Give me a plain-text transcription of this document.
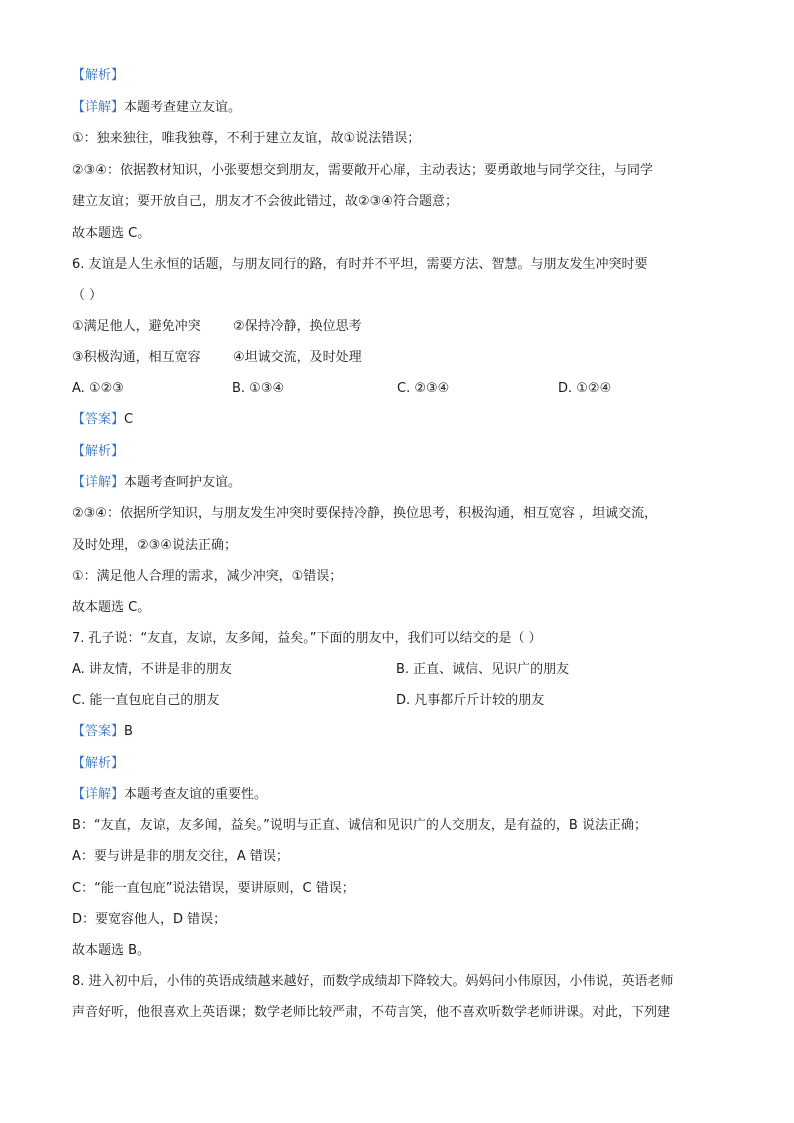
【解析】
【详解】本题考查建立友谊。
①：独来独往，唯我独尊，不利于建立友谊，故①说法错误；
②③④：依据教材知识，小张要想交到朋友，需要敞开心扉，主动表达；要勇敢地与同学交往，与同学
建立友谊；要开放自己，朋友才不会彼此错过，故②③④符合题意；
故本题选 C。
6. 友谊是人生永恒的话题，与朋友同行的路，有时并不平坦，需要方法、智慧。与朋友发生冲突时要
（ ）
①满足他人，避免冲突 ②保持冷静，换位思考
③积极沟通，相互宽容 ④坦诚交流，及时处理
A. ①②③	B. ①③④	C. ②③④	D. ①②④
【答案】C
【解析】
【详解】本题考查呵护友谊。
②③④：依据所学知识，与朋友发生冲突时要保持冷静，换位思考，积极沟通，相互宽容 ，坦诚交流，
及时处理，②③④说法正确；
①：满足他人合理的需求，减少冲突，①错误；
故本题选 C。
7. 孔子说：“友直，友谅，友多闻，益矣。”下面的朋友中，我们可以结交的是（ ）
A. 讲友情，不讲是非的朋友	B. 正直、诚信、见识广的朋友
C. 能一直包庇自己的朋友	D. 凡事都斤斤计较的朋友
【答案】B
【解析】
【详解】本题考查友谊的重要性。
B：“友直，友谅，友多闻，益矣。”说明与正直、诚信和见识广的人交朋友，是有益的，B 说法正确；
A：要与讲是非的朋友交往，A 错误；
C：“能一直包庇”说法错误，要讲原则，C 错误；
D：要宽容他人，D 错误；
故本题选 B。
8. 进入初中后，小伟的英语成绩越来越好，而数学成绩却下降较大。妈妈问小伟原因，小伟说，英语老师
声音好听，他很喜欢上英语课；数学老师比较严肃，不苟言笑，他不喜欢听数学老师讲课。对此，下列建
